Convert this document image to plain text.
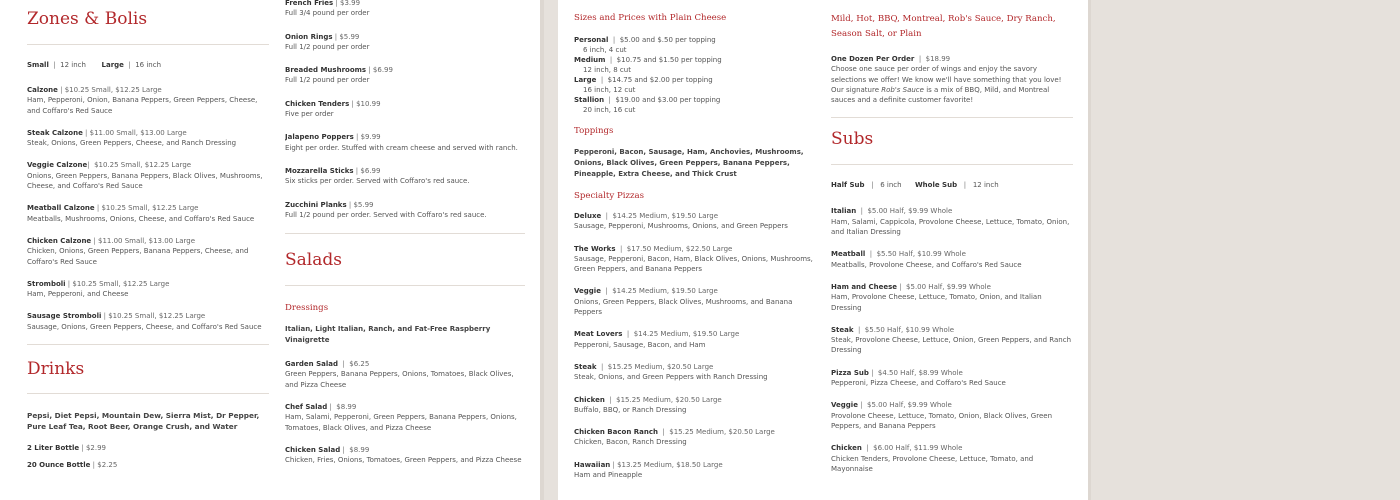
Zones & Bolis
Small  |  12 inch Large  |  16 inch
Calzone | $10.25 Small, $12.25 Large
Ham, Pepperoni, Onion, Banana Peppers, Green Peppers, Cheese, and Coffaro's Red Sauce
Steak Calzone | $11.00 Small, $13.00 Large
Steak, Onions, Green Peppers, Cheese, and Ranch Dressing
Veggie Calzone|  $10.25 Small, $12.25 Large
Onions, Green Peppers, Banana Peppers, Black Olives, Mushrooms, Cheese, and Coffaro's Red Sauce
Meatball Calzone | $10.25 Small, $12.25 Large
Meatballs, Mushrooms, Onions, Cheese, and Coffaro's Red Sauce
Chicken Calzone | $11.00 Small, $13.00 Large
Chicken, Onions, Green Peppers, Banana Peppers, Cheese, and Coffaro's Red Sauce
Stromboli | $10.25 Small, $12.25 Large
Ham, Pepperoni, and Cheese
Sausage Stromboli | $10.25 Small, $12.25 Large
Sausage, Onions, Green Peppers, Cheese, and Coffaro's Red Sauce
Drinks
Pepsi, Diet Pepsi, Mountain Dew, Sierra Mist, Dr Pepper, Pure Leaf Tea, Root Beer, Orange Crush, and Water
2 Liter Bottle | $2.99
20 Ounce Bottle | $2.25
French Fries | $3.99
Full 3/4 pound per order
Onion Rings | $5.99
Full 1/2 pound per order
Breaded Mushrooms | $6.99
Full 1/2 pound per order
Chicken Tenders | $10.99
Five per order
Jalapeno Poppers | $9.99
Eight per order. Stuffed with cream cheese and served with ranch.
Mozzarella Sticks | $6.99
Six sticks per order. Served with Coffaro's red sauce.
Zucchini Planks | $5.99
Full 1/2 pound per order. Served with Coffaro's red sauce.
Salads
Dressings
Italian, Light Italian, Ranch, and Fat-Free Raspberry Vinaigrette
Garden Salad  |  $6.25
Green Peppers, Banana Peppers, Onions, Tomatoes, Black Olives, and Pizza Cheese
Chef Salad |  $8.99
Ham, Salami, Pepperoni, Green Peppers, Banana Peppers, Onions, Tomatoes, Black Olives, and Pizza Cheese
Chicken Salad |  $8.99
Chicken, Fries, Onions, Tomatoes, Green Peppers, and Pizza Cheese
Sizes and Prices with Plain Cheese
Personal  |  $5.00 and $.50 per topping
6 inch, 4 cut
Medium  |  $10.75 and $1.50 per topping
12 inch, 8 cut
Large  |  $14.75 and $2.00 per topping
16 inch, 12 cut
Stallion  |  $19.00 and $3.00 per topping
20 inch, 16 cut
Toppings
Pepperoni, Bacon, Sausage, Ham, Anchovies, Mushrooms, Onions, Black Olives, Green Peppers, Banana Peppers, Pineapple, Extra Cheese, and Thick Crust
Specialty Pizzas
Deluxe  |  $14.25 Medium, $19.50 Large
Sausage, Pepperoni, Mushrooms, Onions, and Green Peppers
The Works  |  $17.50 Medium, $22.50 Large
Sausage, Pepperoni, Bacon, Ham, Black Olives, Onions, Mushrooms, Green Peppers, and Banana Peppers
Veggie  |  $14.25 Medium, $19.50 Large
Onions, Green Peppers, Black Olives, Mushrooms, and Banana Peppers
Meat Lovers  |  $14.25 Medium, $19.50 Large
Pepperoni, Sausage, Bacon, and Ham
Steak  |  $15.25 Medium, $20.50 Large
Steak, Onions, and Green Peppers with Ranch Dressing
Chicken  |  $15.25 Medium, $20.50 Large
Buffalo, BBQ, or Ranch Dressing
Chicken Bacon Ranch  |  $15.25 Medium, $20.50 Large
Chicken, Bacon, Ranch Dressing
Hawaiian | $13.25 Medium, $18.50 Large
Ham and Pineapple
Mild, Hot, BBQ, Montreal, Rob's Sauce, Dry Ranch, Season Salt, or Plain
One Dozen Per Order  |  $18.99
Choose one sauce per order of wings and enjoy the savory selections we offer! We know we'll have something that you love! Our signature Rob's Sauce is a mix of BBQ, Mild, and Montreal sauces and a definite customer favorite!
Subs
Half Sub   |   6 inch Whole Sub   |   12 inch
Italian  |  $5.00 Half, $9.99 Whole
Ham, Salami, Cappicola, Provolone Cheese, Lettuce, Tomato, Onion, and Italian Dressing
Meatball  |  $5.50 Half, $10.99 Whole
Meatballs, Provolone Cheese, and Coffaro's Red Sauce
Ham and Cheese |  $5.00 Half, $9.99 Whole
Ham, Provolone Cheese, Lettuce, Tomato, Onion, and Italian Dressing
Steak  |  $5.50 Half, $10.99 Whole
Steak, Provolone Cheese, Lettuce, Onion, Green Peppers, and Ranch Dressing
Pizza Sub |  $4.50 Half, $8.99 Whole
Pepperoni, Pizza Cheese, and Coffaro's Red Sauce
Veggie |  $5.00 Half, $9.99 Whole
Provolone Cheese, Lettuce, Tomato, Onion, Black Olives, Green Peppers, and Banana Peppers
Chicken  |  $6.00 Half, $11.99 Whole
Chicken Tenders, Provolone Cheese, Lettuce, Tomato, and Mayonnaise
